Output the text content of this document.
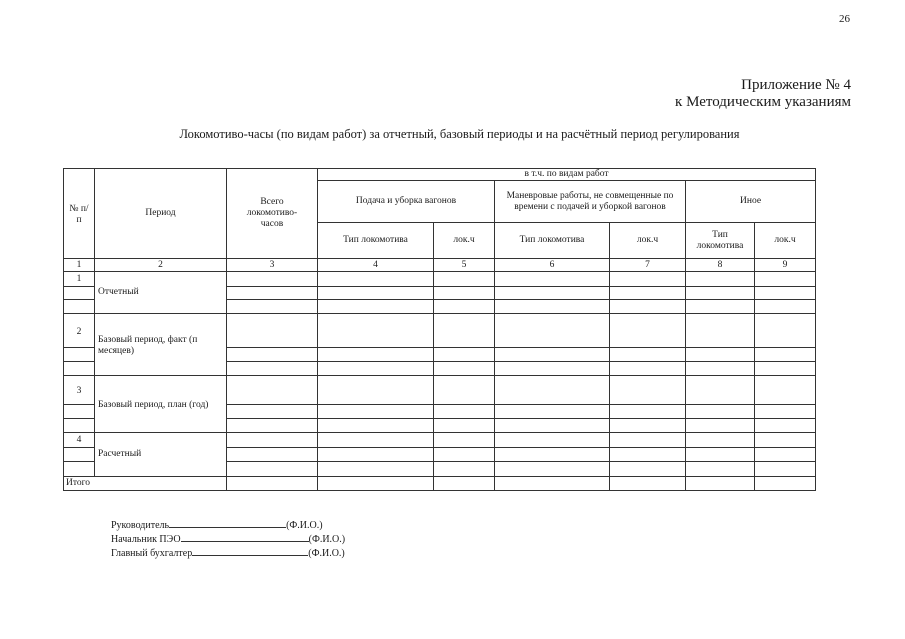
26
Приложение № 4
к Методическим указаниям
Локомотиво-часы (по видам работ) за отчетный, базовый периоды и на расчётный период регулирования
№ п/п	Период	Всего локомотиво-часов	в т.ч. по видам работ					
			Подача и уборка вагонов		Маневровые работы, не совмещенные по времени с подачей и уборкой вагонов		Иное	
			Тип локомотива	лок.ч	Тип локомотива	лок.ч	Тип локомотива	лок.ч
1	2	3	4	5	6	7	8	9
1	Отчетный							

2	Базовый период, факт (п месяцев)							

3	Базовый период, план (год)							

4	Расчетный							

Итого								
Руководитель	(Ф.И.О.)
Начальник ПЭО	(Ф.И.О.)
Главный бухгалтер	(Ф.И.О.)
